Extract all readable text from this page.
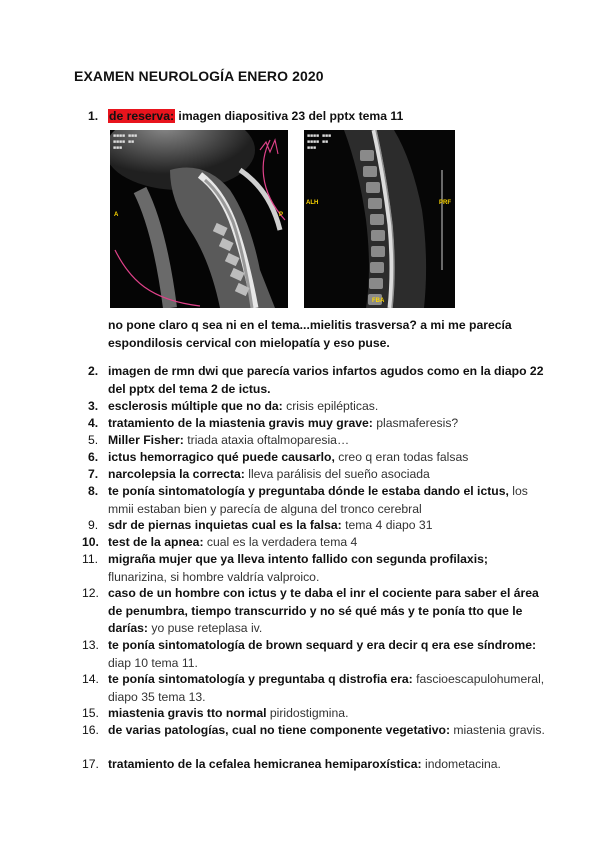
EXAMEN NEUROLOGÍA ENERO 2020
1. de reserva: imagen diapositiva 23 del pptx tema 11
■■■■ ■■■
■■■■ ■■
■■■
A	P
■■■■ ■■■
■■■■ ■■
■■■
ALH	PRF
FBA
no pone claro q sea ni en el tema...mielitis trasversa? a mi me parecía espondilosis cervical con mielopatía y eso puse.
2. imagen de rmn dwi que parecía varios infartos agudos como en la diapo 22 del pptx del tema 2 de ictus.
3. esclerosis múltiple que no da: crisis epilépticas.
4. tratamiento de la miastenia gravis muy grave: plasmaferesis?
5. Miller Fisher: triada ataxia oftalmoparesia…
6. ictus hemorragico qué puede causarlo, creo q eran todas falsas
7. narcolepsia la correcta: lleva parálisis del sueño asociada
8. te ponía sintomatología y preguntaba dónde le estaba dando el ictus, los mmii estaban bien y parecía de alguna del tronco cerebral
9. sdr de piernas inquietas cual es la falsa: tema 4 diapo 31
10. test de la apnea: cual es la verdadera tema 4
11. migraña mujer que ya lleva intento fallido con segunda profilaxis; flunarizina, si hombre valdría valproico.
12. caso de un hombre con ictus y te daba el inr el cociente para saber el área de penumbra, tiempo transcurrido y no sé qué más y te ponía tto que le darías: yo puse reteplasa iv.
13. te ponía sintomatología de brown sequard y era decir q era ese síndrome: diap 10 tema 11.
14. te ponía sintomatología y preguntaba q distrofia era: fascioescapulohumeral, diapo 35 tema 13.
15. miastenia gravis tto normal piridostigmina.
16. de varias patologías, cual no tiene componente vegetativo: miastenia gravis.
17. tratamiento de la cefalea hemicranea hemiparoxística: indometacina.
